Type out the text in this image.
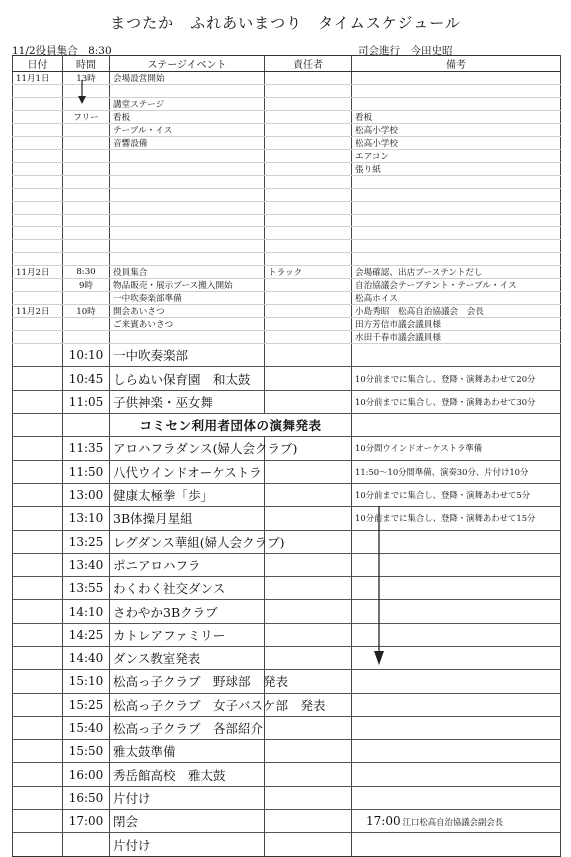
まつたか　ふれあいまつり　タイムスケジュール
11/2役員集合　8:30	司会進行　今田史昭
日付	時間	ステージイベント	責任者	備考
11月1日	13時	会場設営開始		

		講堂ステージ		
	フリー	看板		看板
		テーブル・イス		松高小学校
		音響設備		松高小学校
				エアコン
				張り紙

11月2日	8:30	役員集合	トラック	会場確認、出店ブーステントだし
	9時	物品販売・展示ブース搬入開始		自治協議会テーブテント・テーブル・イス
		一中吹奏楽部準備		松高ホイス
11月2日	10時	開会あいさつ		小島秀昭　松高自治協議会　会長
		ご来賓あいさつ		田方芳信市議会議員様
				水田千春市議会議員様
	10:10	一中吹奏楽部		
	10:45	しらぬい保育園　和太鼓		10分前までに集合し、登降・演舞あわせて20分
	11:05	子供神楽・巫女舞		10分前までに集合し、登降・演舞あわせて30分
		コミセン利用者団体の演舞発表		
	11:35	アロハフラダンス(婦人会クラブ)		10分間ウインドオーケストラ準備
	11:50	八代ウインドオーケストラ		11:50～10分間準備、演奏30分、片付け10分
	13:00	健康太極拳「歩」		10分前までに集合し、登降・演舞あわせて5分
	13:10	3B体操月星組		10分前までに集合し、登降・演舞あわせて15分
	13:25	レグダンス華組(婦人会クラブ)		
	13:40	ポニアロハフラ		
	13:55	わくわく社交ダンス		
	14:10	さわやか3Bクラブ		
	14:25	カトレアファミリー		
	14:40	ダンス教室発表		
	15:10	松高っ子クラブ　野球部　発表		
	15:25	松高っ子クラブ　女子バスケ部　発表		
	15:40	松高っ子クラブ　各部紹介		
	15:50	雅太鼓準備		
	16:00	秀岳館高校　雅太鼓		
	16:50	片付け		
	17:00	閉会		17:00 江口松高自治協議会副会長
		片付け		
